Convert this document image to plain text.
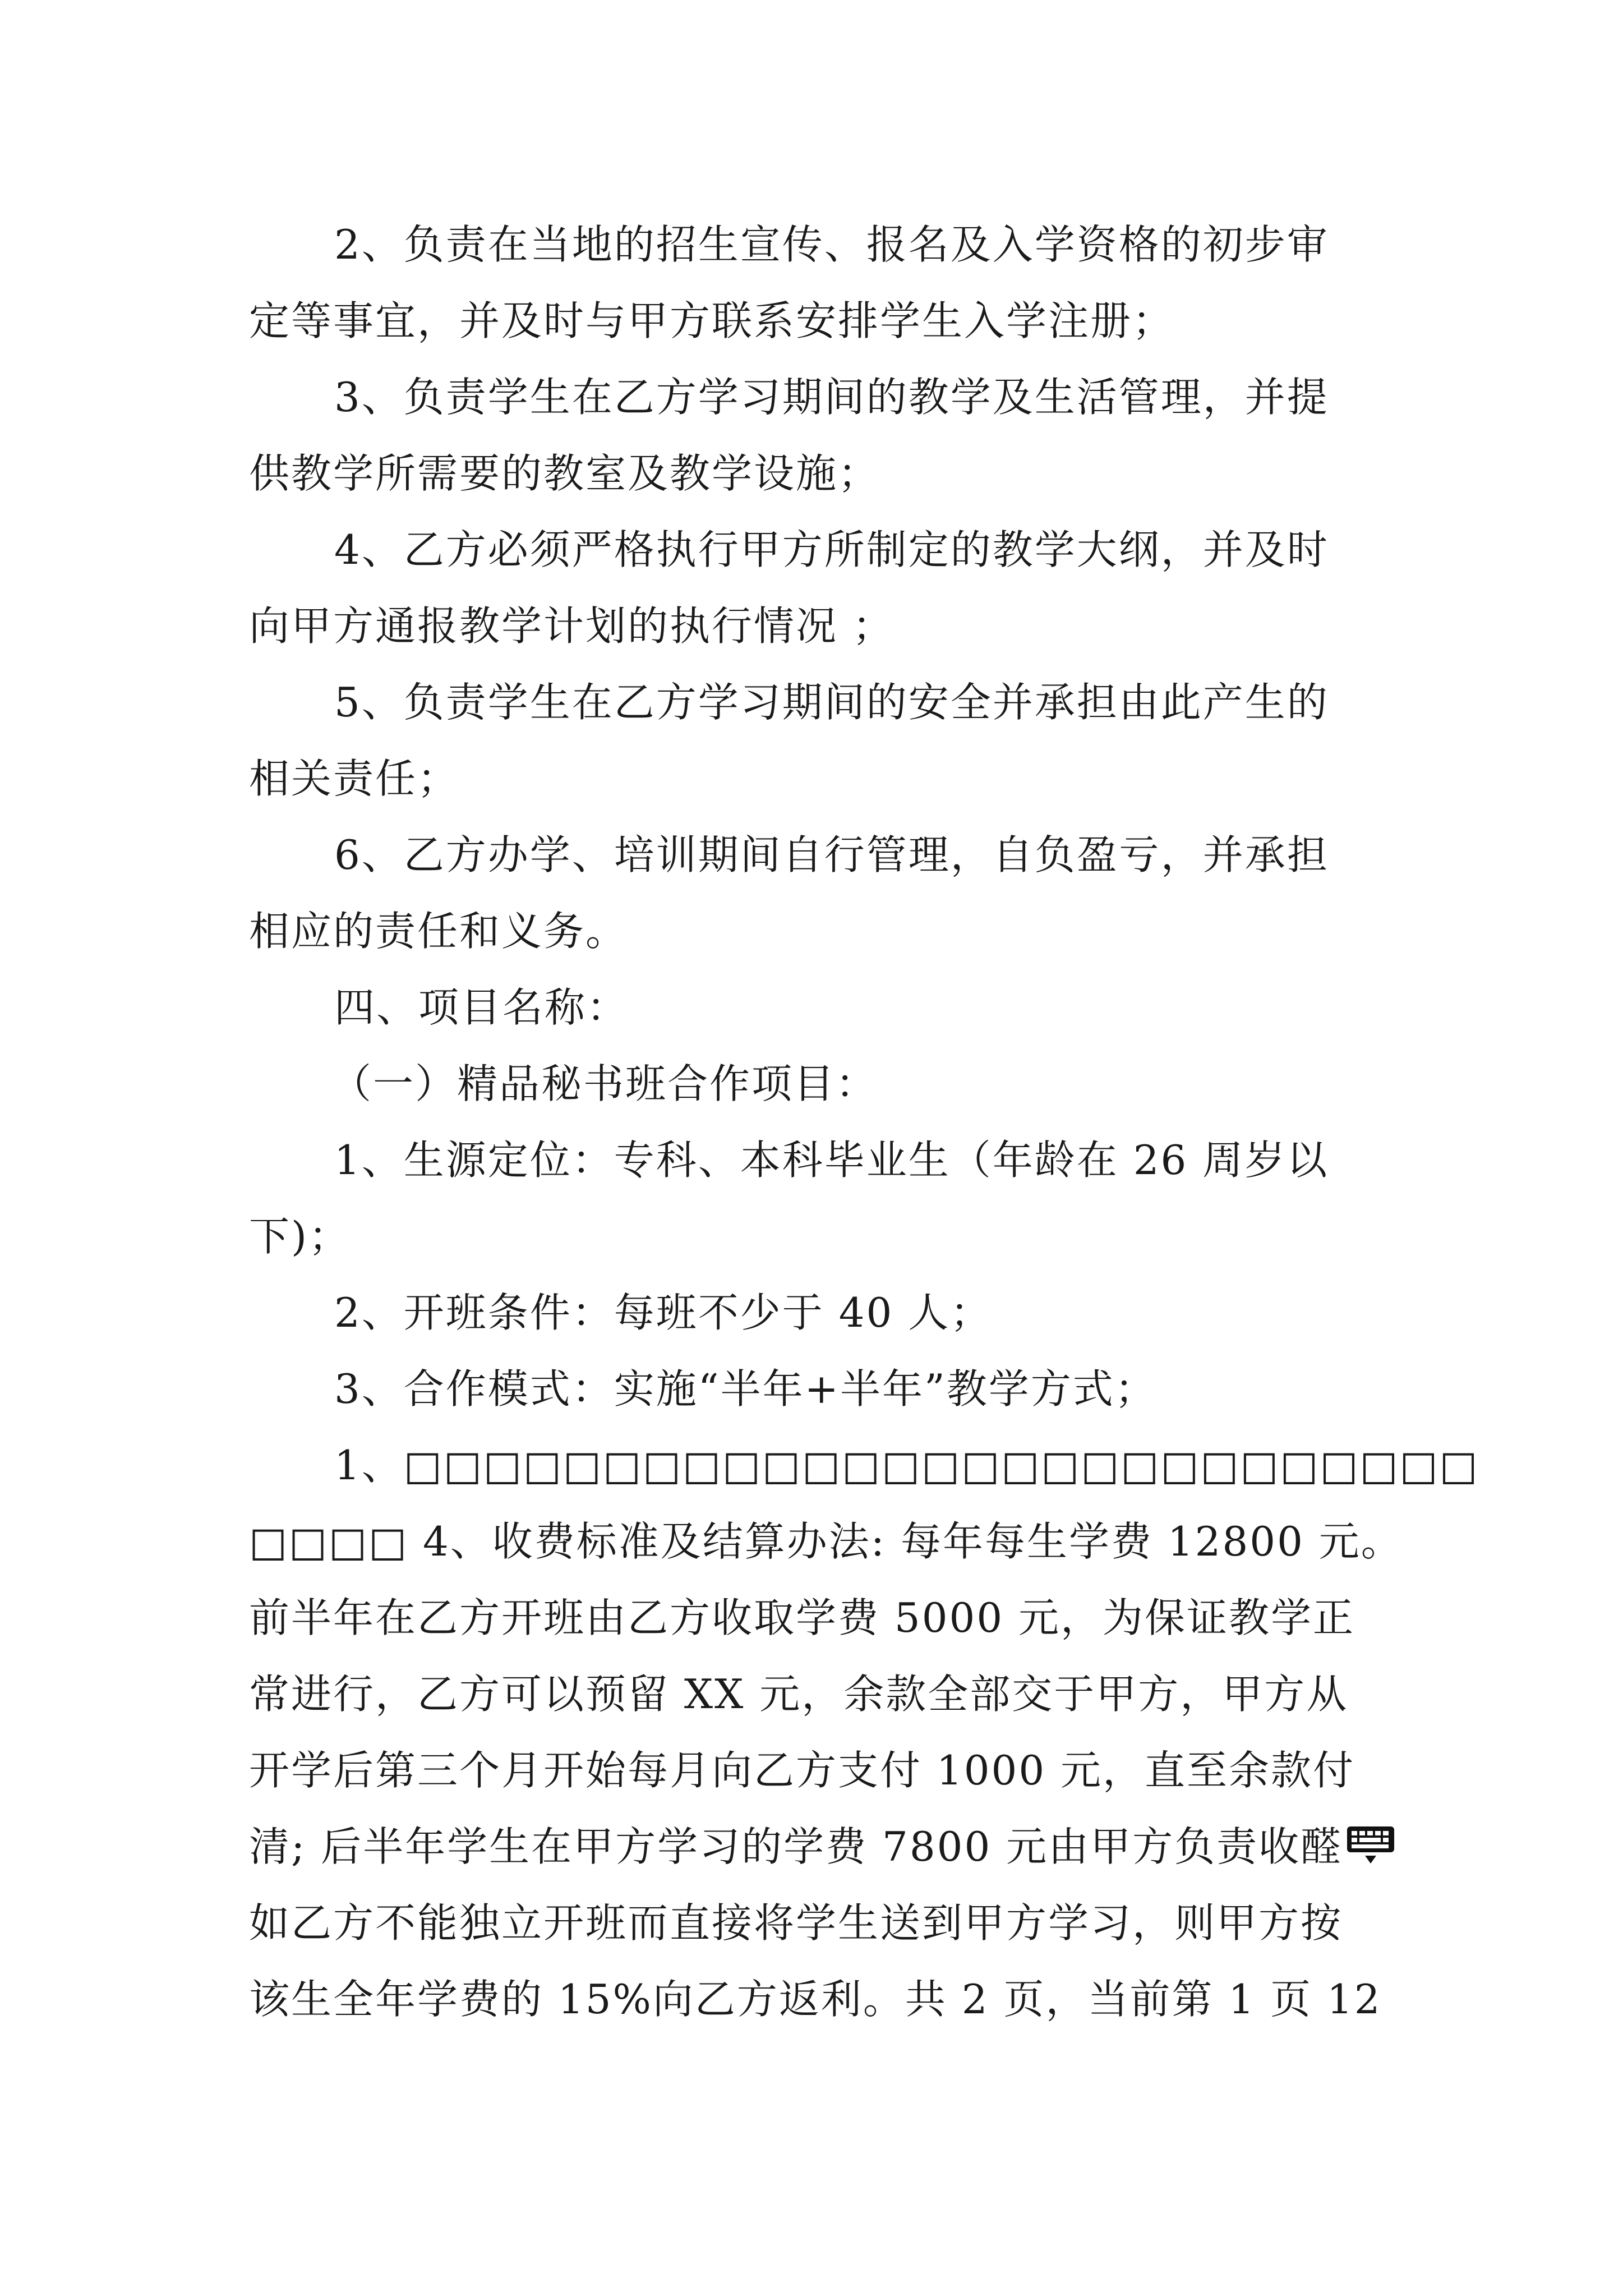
2、负责在当地的招生宣传、报名及入学资格的初步审
定等事宜，并及时与甲方联系安排学生入学注册；
3、负责学生在乙方学习期间的教学及生活管理，并提
供教学所需要的教室及教学设施；
4、乙方必须严格执行甲方所制定的教学大纲，并及时
向甲方通报教学计划的执行情况 ；
5、负责学生在乙方学习期间的安全并承担由此产生的
相关责任；
6、乙方办学、培训期间自行管理，自负盈亏，并承担
相应的责任和义务。
四、项目名称：
（一）精品秘书班合作项目：
1、生源定位：专科、本科毕业生（年龄在 26 周岁以
下)；
2、开班条件：每班不少于 40 人；
3、合作模式：实施“半年+半年”教学方式；
1、□□□□□□□□□□□□□□□□□□□□□□□□□□□
□□□□ 4、收费标准及结算办法: 每年每生学费 12800 元。
前半年在乙方开班由乙方收取学费 5000 元，为保证教学正
常进行，乙方可以预留 XX 元，余款全部交于甲方，甲方从
开学后第三个月开始每月向乙方支付 1000 元，直至余款付
清; 后半年学生在甲方学习的学费 7800 元由甲方负责收醛
如乙方不能独立开班而直接将学生送到甲方学习，则甲方按
该生全年学费的 15%向乙方返利。共 2 页，当前第 1 页 12
